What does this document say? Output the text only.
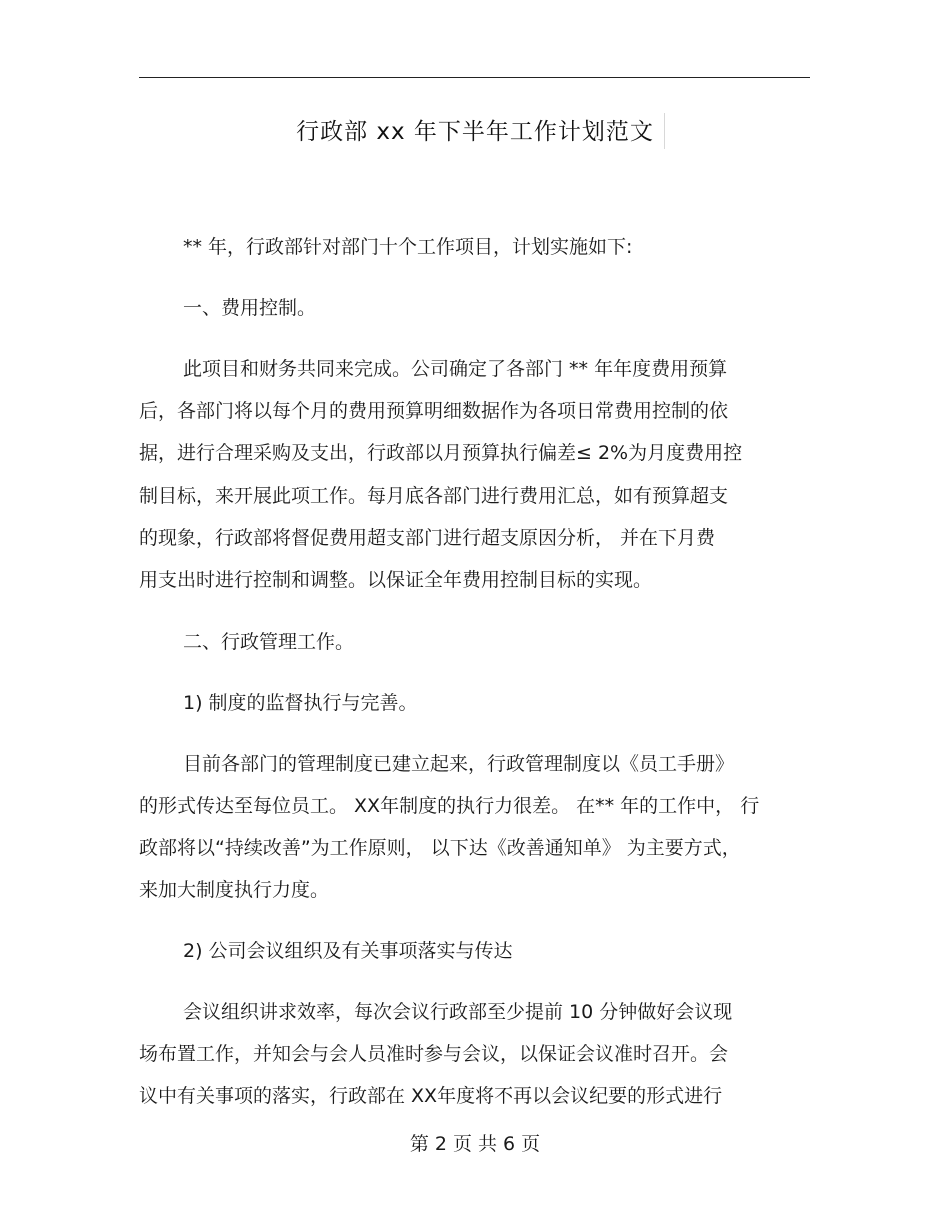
行政部 xx 年下半年工作计划范文
** 年，行政部针对部门十个工作项目，计划实施如下:
一、费用控制。
此项目和财务共同来完成。公司确定了各部门 ** 年年度费用预算
后，各部门将以每个月的费用预算明细数据作为各项日常费用控制的依
据，进行合理采购及支出，行政部以月预算执行偏差≤ 2%为月度费用控
制目标，来开展此项工作。每月底各部门进行费用汇总，如有预算超支
的现象，行政部将督促费用超支部门进行超支原因分析， 并在下月费
用支出时进行控制和调整。以保证全年费用控制目标的实现。
二、行政管理工作。
1) 制度的监督执行与完善。
目前各部门的管理制度已建立起来，行政管理制度以《员工手册》
的形式传达至每位员工。 XX年制度的执行力很差。 在** 年的工作中， 行
政部将以“持续改善”为工作原则， 以下达《改善通知单》 为主要方式，
来加大制度执行力度。
2) 公司会议组织及有关事项落实与传达
会议组织讲求效率，每次会议行政部至少提前 10 分钟做好会议现
场布置工作，并知会与会人员准时参与会议，以保证会议准时召开。会
议中有关事项的落实，行政部在 XX年度将不再以会议纪要的形式进行
第 2 页 共 6 页
